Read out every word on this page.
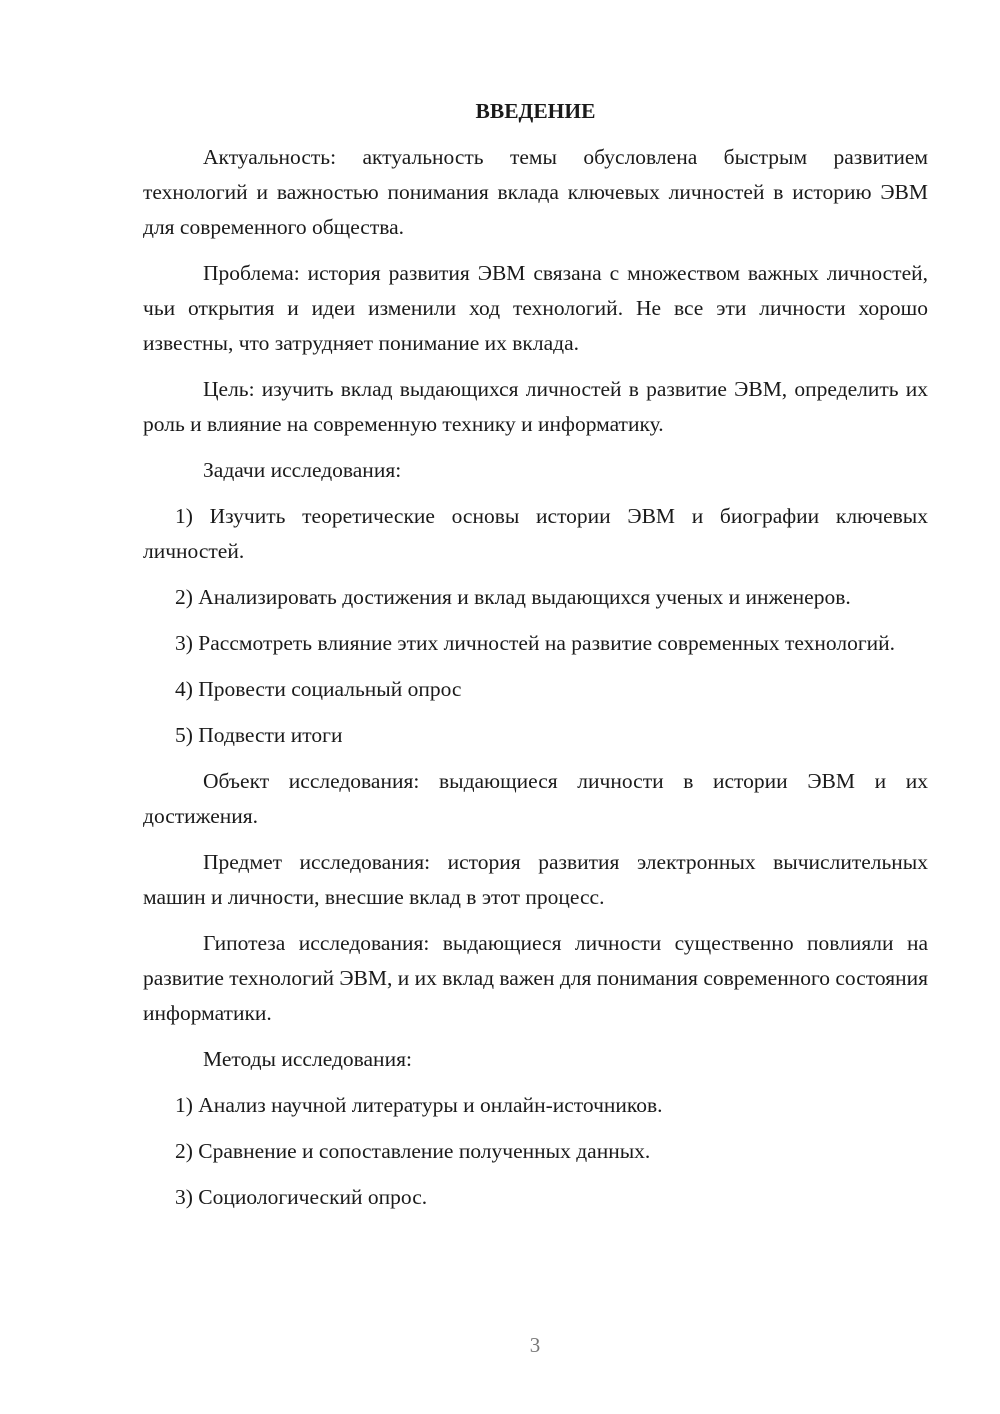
ВВЕДЕНИЕ

Актуальность: актуальность темы обусловлена быстрым развитием технологий и важностью понимания вклада ключевых личностей в историю ЭВМ для современного общества.

Проблема: история развития ЭВМ связана с множеством важных личностей, чьи открытия и идеи изменили ход технологий. Не все эти личности хорошо известны, что затрудняет понимание их вклада.

Цель: изучить вклад выдающихся личностей в развитие ЭВМ, определить их роль и влияние на современную технику и информатику.

Задачи исследования:

1) Изучить теоретические основы истории ЭВМ и биографии ключевых личностей.

2) Анализировать достижения и вклад выдающихся ученых и инженеров.

3) Рассмотреть влияние этих личностей на развитие современных технологий.

4) Провести социальный опрос

5) Подвести итоги

Объект исследования: выдающиеся личности в истории ЭВМ и их достижения.

Предмет исследования: история развития электронных вычислительных машин и личности, внесшие вклад в этот процесс.

Гипотеза исследования: выдающиеся личности существенно повлияли на развитие технологий ЭВМ, и их вклад важен для понимания современного состояния информатики.

Методы исследования:

1) Анализ научной литературы и онлайн-источников.

2) Сравнение и сопоставление полученных данных.

3) Социологический опрос.

3
